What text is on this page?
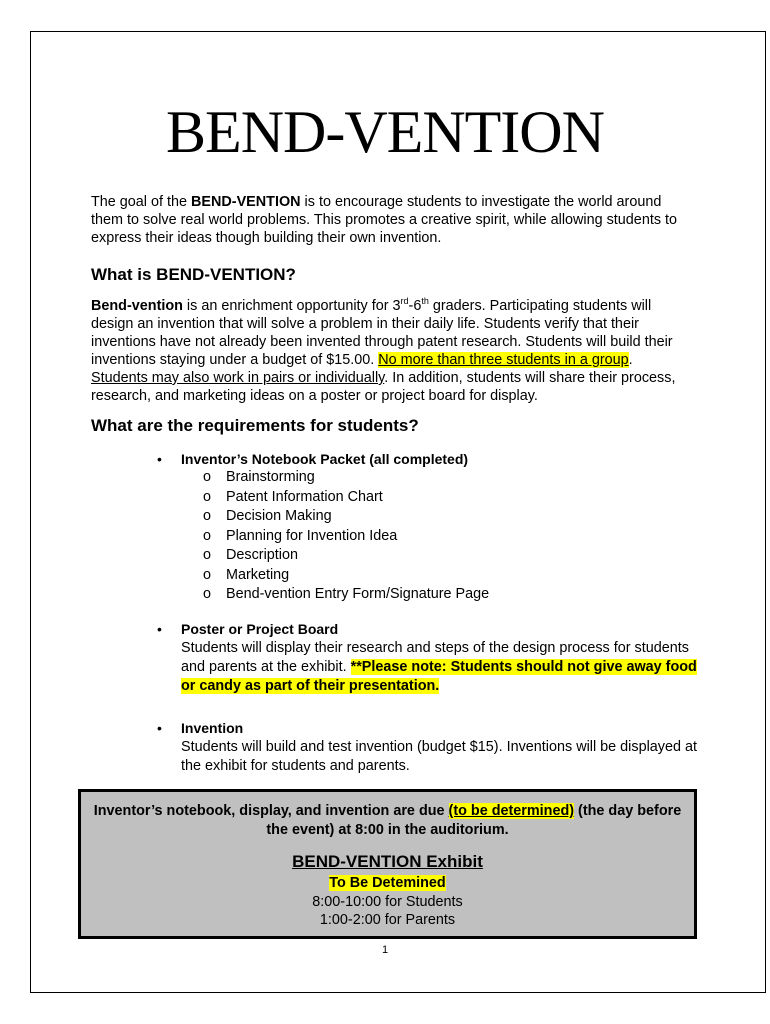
BEND-VENTION
The goal of the BEND-VENTION is to encourage students to investigate the world around them to solve real world problems. This promotes a creative spirit, while allowing students to express their ideas though building their own invention.
What is BEND-VENTION?
Bend-vention is an enrichment opportunity for 3rd-6th graders. Participating students will design an invention that will solve a problem in their daily life. Students verify that their inventions have not already been invented through patent research. Students will build their inventions staying under a budget of $15.00. No more than three students in a group. Students may also work in pairs or individually. In addition, students will share their process, research, and marketing ideas on a poster or project board for display.
What are the requirements for students?
• Inventor’s Notebook Packet (all completed)
o	Brainstorming
o	Patent Information Chart
o	Decision Making
o	Planning for Invention Idea
o	Description
o	Marketing
o	Bend-vention Entry Form/Signature Page
• Poster or Project Board
Students will display their research and steps of the design process for students and parents at the exhibit. **Please note: Students should not give away food or candy as part of their presentation.
• Invention
Students will build and test invention (budget $15). Inventions will be displayed at the exhibit for students and parents.
Inventor’s notebook, display, and invention are due (to be determined) (the day before the event) at 8:00 in the auditorium.
BEND-VENTION Exhibit
To Be Detemined
8:00-10:00 for Students
1:00-2:00 for Parents
1
